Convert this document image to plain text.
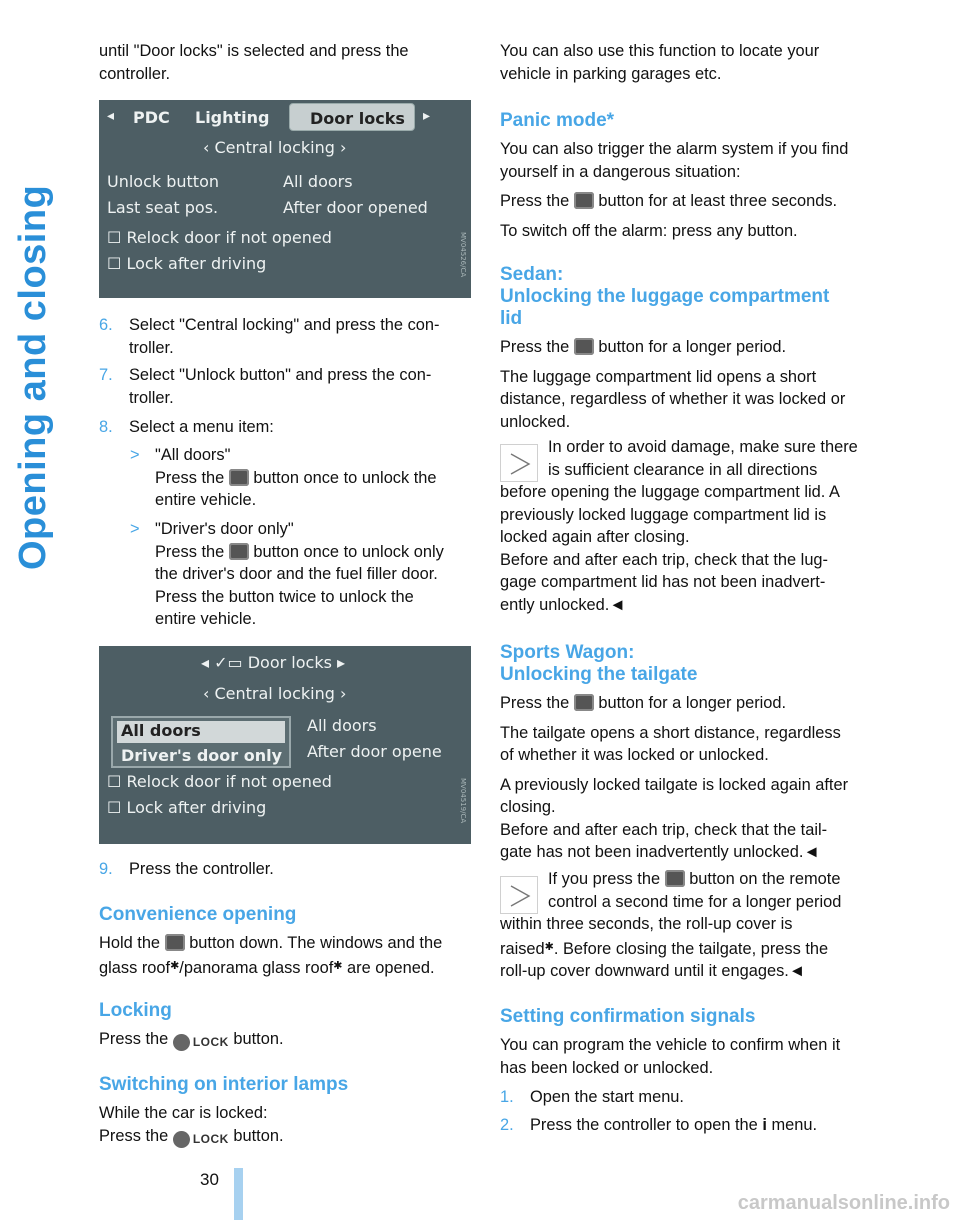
Opening and closing
30

until "Door locks" is selected and press the

controller.

◂ PDC Lighting	Door locks ▸
‹ Central locking ›
Unlock button	All doors
Last seat pos.	After door opened
☐ Relock door if not opened
☐ Lock after driving	MV04526/CA

6. Select "Central locking" and press the con-
troller.

7. Select "Unlock button" and press the con-
troller.

8. Select a menu item:

> "All doors"
Press the button once to unlock the
entire vehicle.

> "Driver's door only"
Press the button once to unlock only
the driver's door and the fuel filler door.
Press the button twice to unlock the
entire vehicle.

◂ ✓▭ Door locks ▸
‹ Central locking ›
All doors
Driver's door only
All doors
After door opene
☐ Relock door if not opened
☐ Lock after driving	MV04519/CA

9. Press the controller.

Convenience opening

Hold the button down. The windows and the
glass roof✱/panorama glass roof✱ are opened.

Locking

Press the LOCK button.

Switching on interior lamps

While the car is locked:
Press the LOCK button.

You can also use this function to locate your

vehicle in parking garages etc.

Panic mode*

You can also trigger the alarm system if you find
yourself in a dangerous situation:

Press the button for at least three seconds.

To switch off the alarm: press any button.

Sedan:
Unlocking the luggage compartment
lid

Press the button for a longer period.

The luggage compartment lid opens a short
distance, regardless of whether it was locked or
unlocked.

In order to avoid damage, make sure there
is sufficient clearance in all directions

before opening the luggage compartment lid. A
previously locked luggage compartment lid is
locked again after closing.
Before and after each trip, check that the lug-
gage compartment lid has not been inadvert-
ently unlocked.◄

Sports Wagon:
Unlocking the tailgate

Press the button for a longer period.

The tailgate opens a short distance, regardless
of whether it was locked or unlocked.

A previously locked tailgate is locked again after
closing.
Before and after each trip, check that the tail-
gate has not been inadvertently unlocked.◄

If you press the button on the remote
control a second time for a longer period

within three seconds, the roll-up cover is
raised✱. Before closing the tailgate, press the
roll-up cover downward until it engages.◄

Setting confirmation signals

You can program the vehicle to confirm when it
has been locked or unlocked.

1. Open the start menu.

2. Press the controller to open the i menu.

carmanualsonline.info
